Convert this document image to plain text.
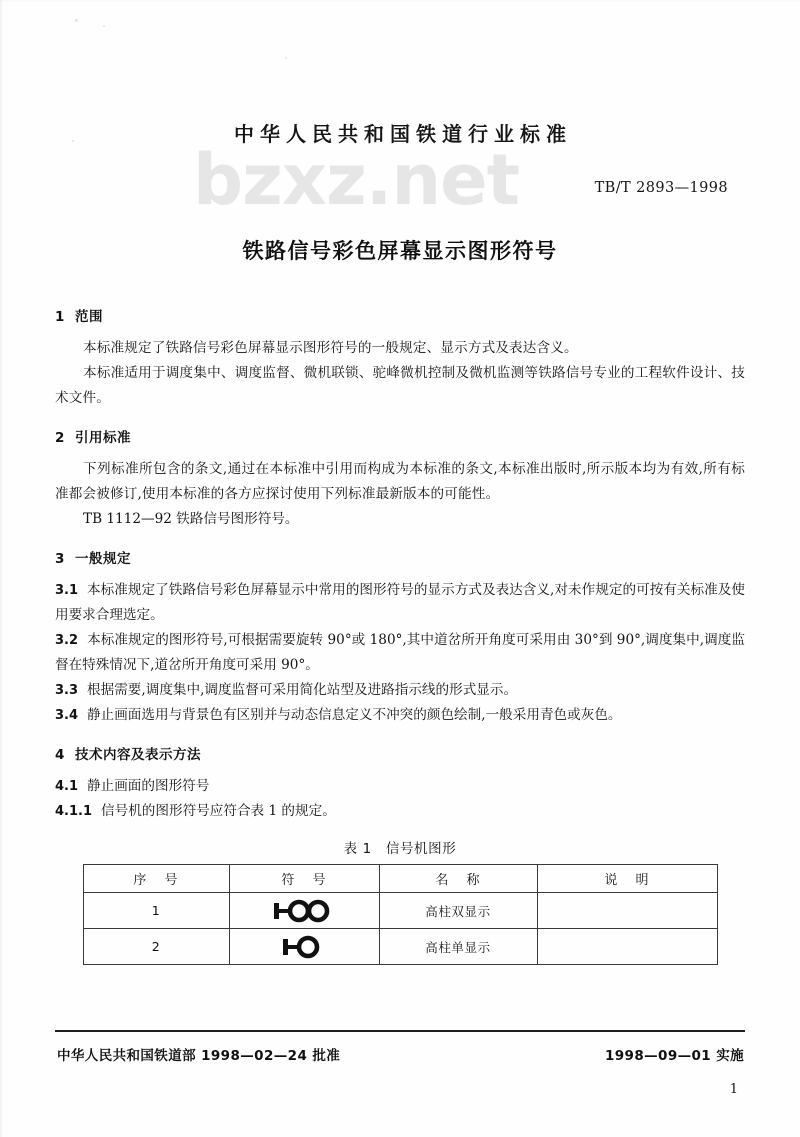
bzxz.net
中华人民共和国铁道行业标准
TB/T 2893—1998
铁路信号彩色屏幕显示图形符号
1 范围

本标准规定了铁路信号彩色屏幕显示图形符号的一般规定、显示方式及表达含义。

本标准适用于调度集中、调度监督、微机联锁、驼峰微机控制及微机监测等铁路信号专业的工程软件设计、技术文件。

2 引用标准

下列标准所包含的条文,通过在本标准中引用而构成为本标准的条文,本标准出版时,所示版本均为有效,所有标准都会被修订,使用本标准的各方应探讨使用下列标准最新版本的可能性。

TB 1112—92 铁路信号图形符号。

3 一般规定

3.1 本标准规定了铁路信号彩色屏幕显示中常用的图形符号的显示方式及表达含义,对未作规定的可按有关标准及使用要求合理选定。

3.2 本标准规定的图形符号,可根据需要旋转 90°或 180°,其中道岔所开角度可采用由 30°到 90°,调度集中,调度监督在特殊情况下,道岔所开角度可采用 90°。

3.3 根据需要,调度集中,调度监督可采用简化站型及进路指示线的形式显示。

3.4 静止画面选用与背景色有区别并与动态信息定义不冲突的颜色绘制,一般采用青色或灰色。

4 技术内容及表示方法

4.1 静止画面的图形符号

4.1.1 信号机的图形符号应符合表 1 的规定。

表 1 信号机图形
序 号	符 号	名 称	说 明
1		高柱双显示	
2		高柱单显示	
中华人民共和国铁道部 1998—02—24 批准	1998—09—01 实施
1
